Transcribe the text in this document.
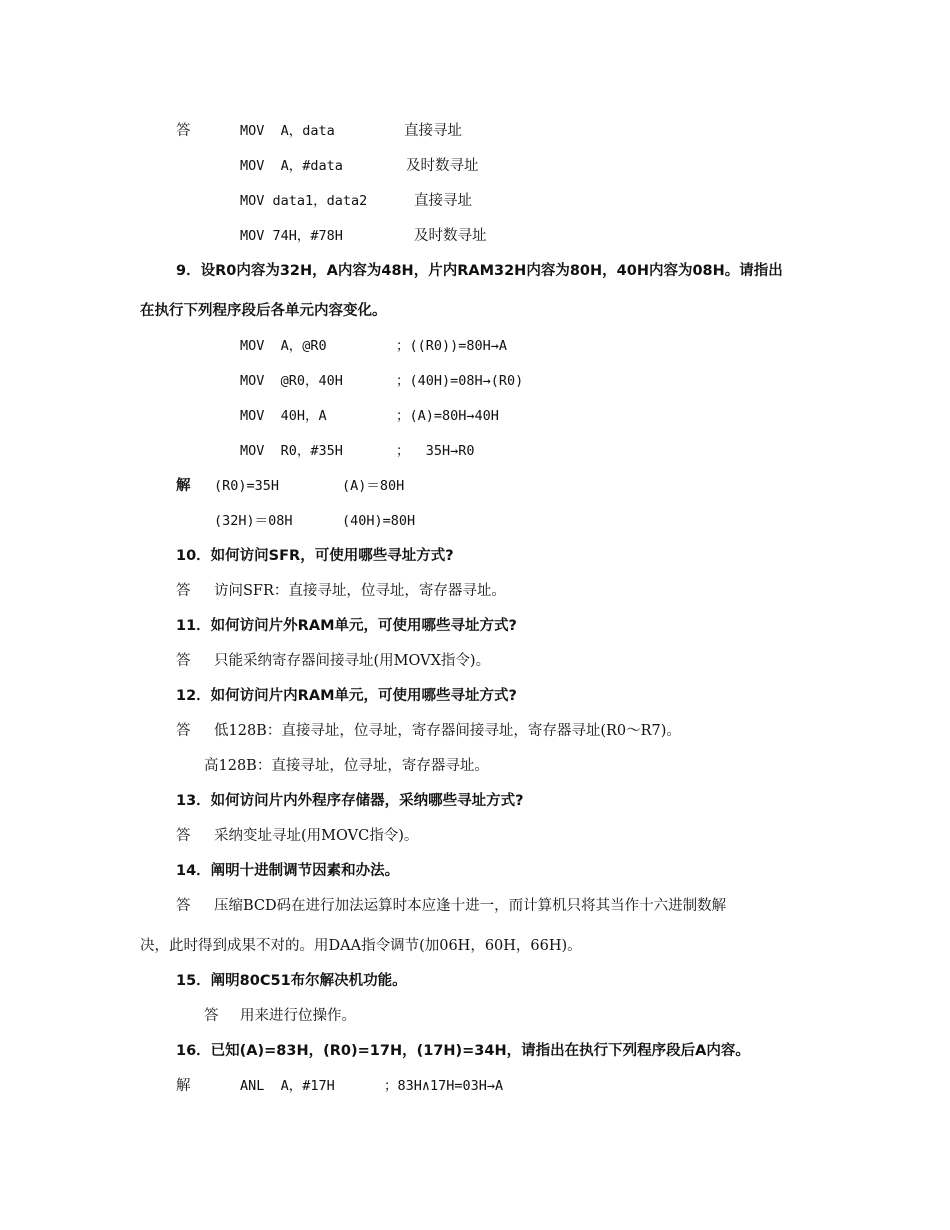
答	MOV  A，data	直接寻址
MOV  A，#data	及时数寻址
MOV data1，data2	直接寻址
MOV 74H，#78H	及时数寻址
9．设R0内容为32H，A内容为48H，片内RAM32H内容为80H，40H内容为08H。请指出
在执行下列程序段后各单元内容变化。
MOV  A，@R0	；((R0))=80H→A
MOV  @R0，40H	；(40H)=08H→(R0)
MOV  40H，A	；(A)=80H→40H
MOV  R0，#35H	；  35H→R0
解 (R0)=35H	(A)＝80H
(32H)＝08H	(40H)=80H
10．如何访问SFR，可使用哪些寻址方式?
答 访问SFR：直接寻址，位寻址，寄存器寻址。
11．如何访问片外RAM单元，可使用哪些寻址方式?
答 只能采纳寄存器间接寻址(用MOVX指令)。
12．如何访问片内RAM单元，可使用哪些寻址方式?
答 低128B：直接寻址，位寻址，寄存器间接寻址，寄存器寻址(R0～R7)。
高128B：直接寻址，位寻址，寄存器寻址。
13．如何访问片内外程序存储器，采纳哪些寻址方式?
答 采纳变址寻址(用MOVC指令)。
14．阐明十进制调节因素和办法。
答 压缩BCD码在进行加法运算时本应逢十进一，而计算机只将其当作十六进制数解
决，此时得到成果不对的。用DAA指令调节(加06H，60H，66H)。
15．阐明80C51布尔解决机功能。
答 用来进行位操作。
16．已知(A)=83H，(R0)=17H，(17H)=34H，请指出在执行下列程序段后A内容。
解	ANL  A，#17H	；83H∧17H=03H→A
